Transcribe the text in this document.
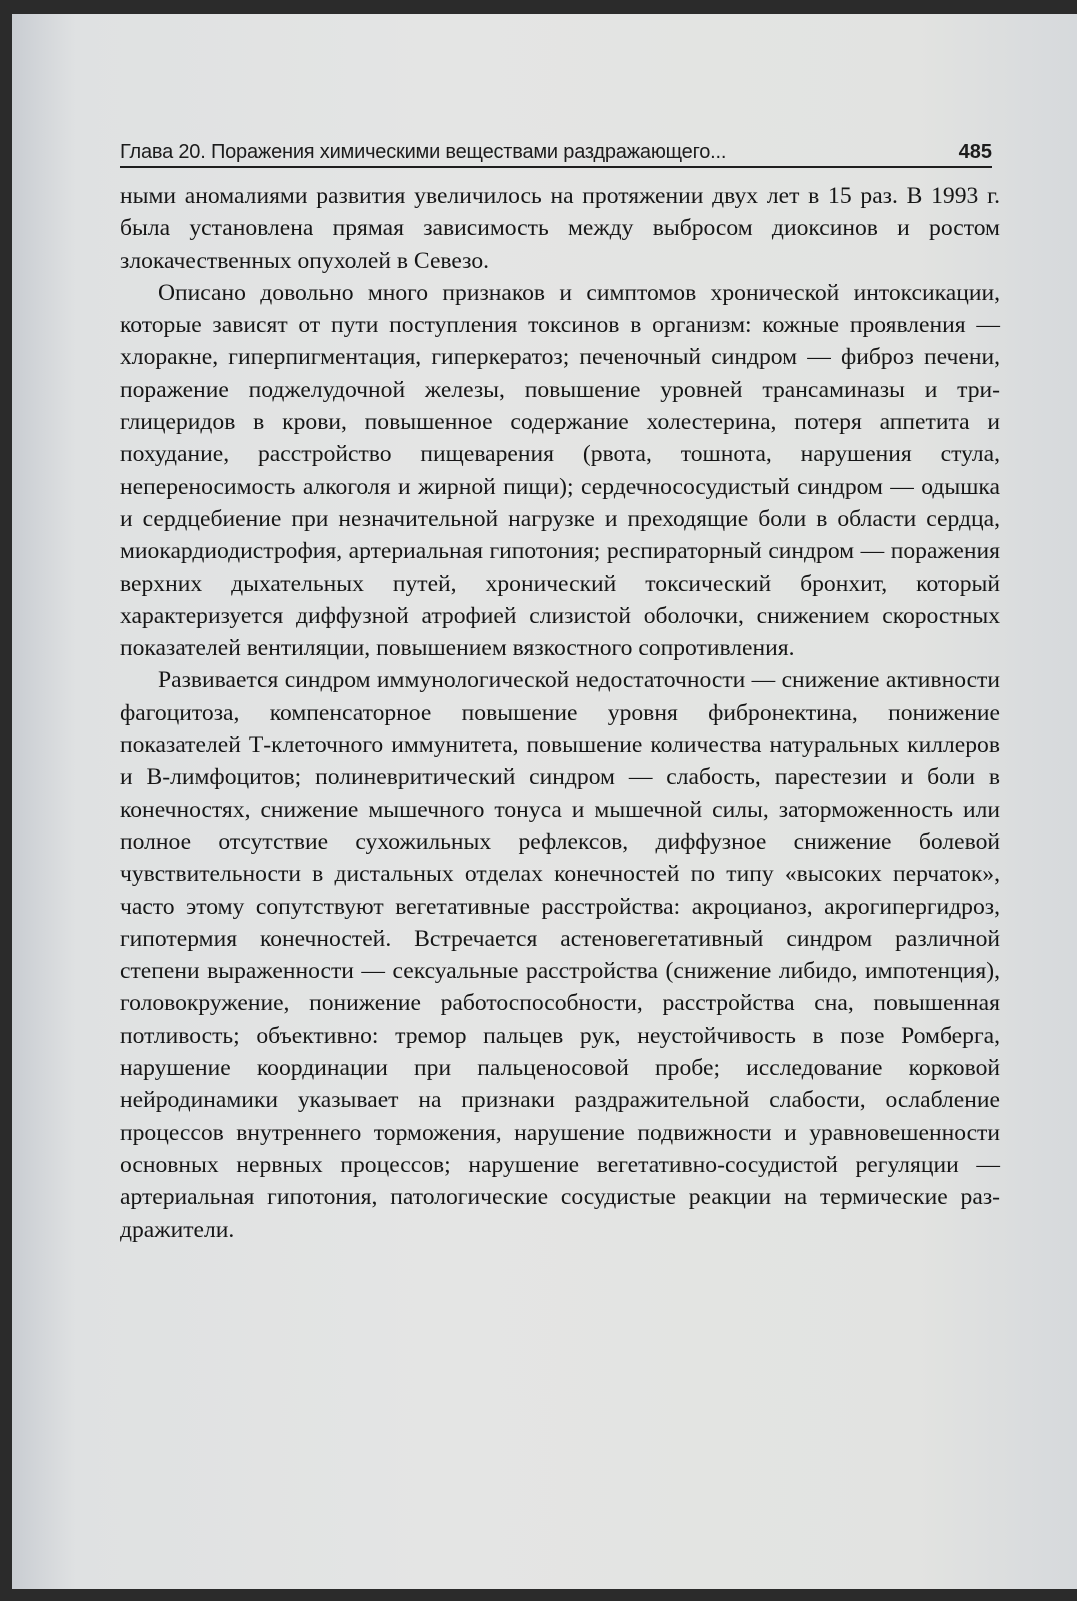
Глава 20. Поражения химическими веществами раздражающего...	485

ными аномалиями развития увеличилось на протяжении двух лет в 15 раз. В 1993 г. была установлена прямая зависимость между выбросом диоксинов и ростом злокачественных опухолей в Севезо.

Описано довольно много признаков и симптомов хронической интоксикации, которые зависят от пути поступления токсинов в организм: кожные проявления — хлоракне, гиперпигментация, гиперкератоз; печеночный синдром — фиброз печени, поражение поджелудочной железы, повышение уровней трансаминазы и триглицеридов в крови, повышенное содержание холестерина, потеря аппетита и похудание, расстройство пищеварения (рвота, тошнота, нарушения стула, непереносимость алкоголя и жирной пищи); сердечнососудистый синдром — одышка и сердцебиение при незначительной нагрузке и преходящие боли в области сердца, миокардиодистрофия, артериальная гипотония; респираторный синдром — поражения верхних дыхательных путей, хронический токсический бронхит, который характеризуется диффузной атрофией слизистой оболочки, снижением скоростных показателей вентиляции, повышением вязкостного сопротивления.

Развивается синдром иммунологической недостаточности — снижение активности фагоцитоза, компенсаторное повышение уровня фибронектина, понижение показателей Т-клеточного иммунитета, повышение количества натуральных киллеров и В-лимфоцитов; полиневритический синдром — слабость, парестезии и боли в конечностях, снижение мышечного тонуса и мышечной силы, заторможенность или полное отсутствие сухожильных рефлексов, диффузное снижение болевой чувствительности в дистальных отделах конечностей по типу «высоких перчаток», часто этому сопутствуют вегетативные расстройства: акроцианоз, акрогипергидроз, гипотермия конечностей. Встречается астеновегетативный синдром различной степени выраженности — сексуальные расстройства (снижение либидо, импотенция), головокружение, понижение работоспособности, расстройства сна, повышенная потливость; объективно: тремор пальцев рук, неустойчивость в позе Ромберга, нарушение координации при пальценосовой пробе; исследование корковой нейродинамики указывает на признаки раздражительной слабости, ослабление процессов внутреннего торможения, нарушение подвижности и уравновешенности основных нервных процессов; нарушение вегетативно-сосудистой регуляции — артериальная гипотония, патологические сосудистые реакции на термические раздражители.
